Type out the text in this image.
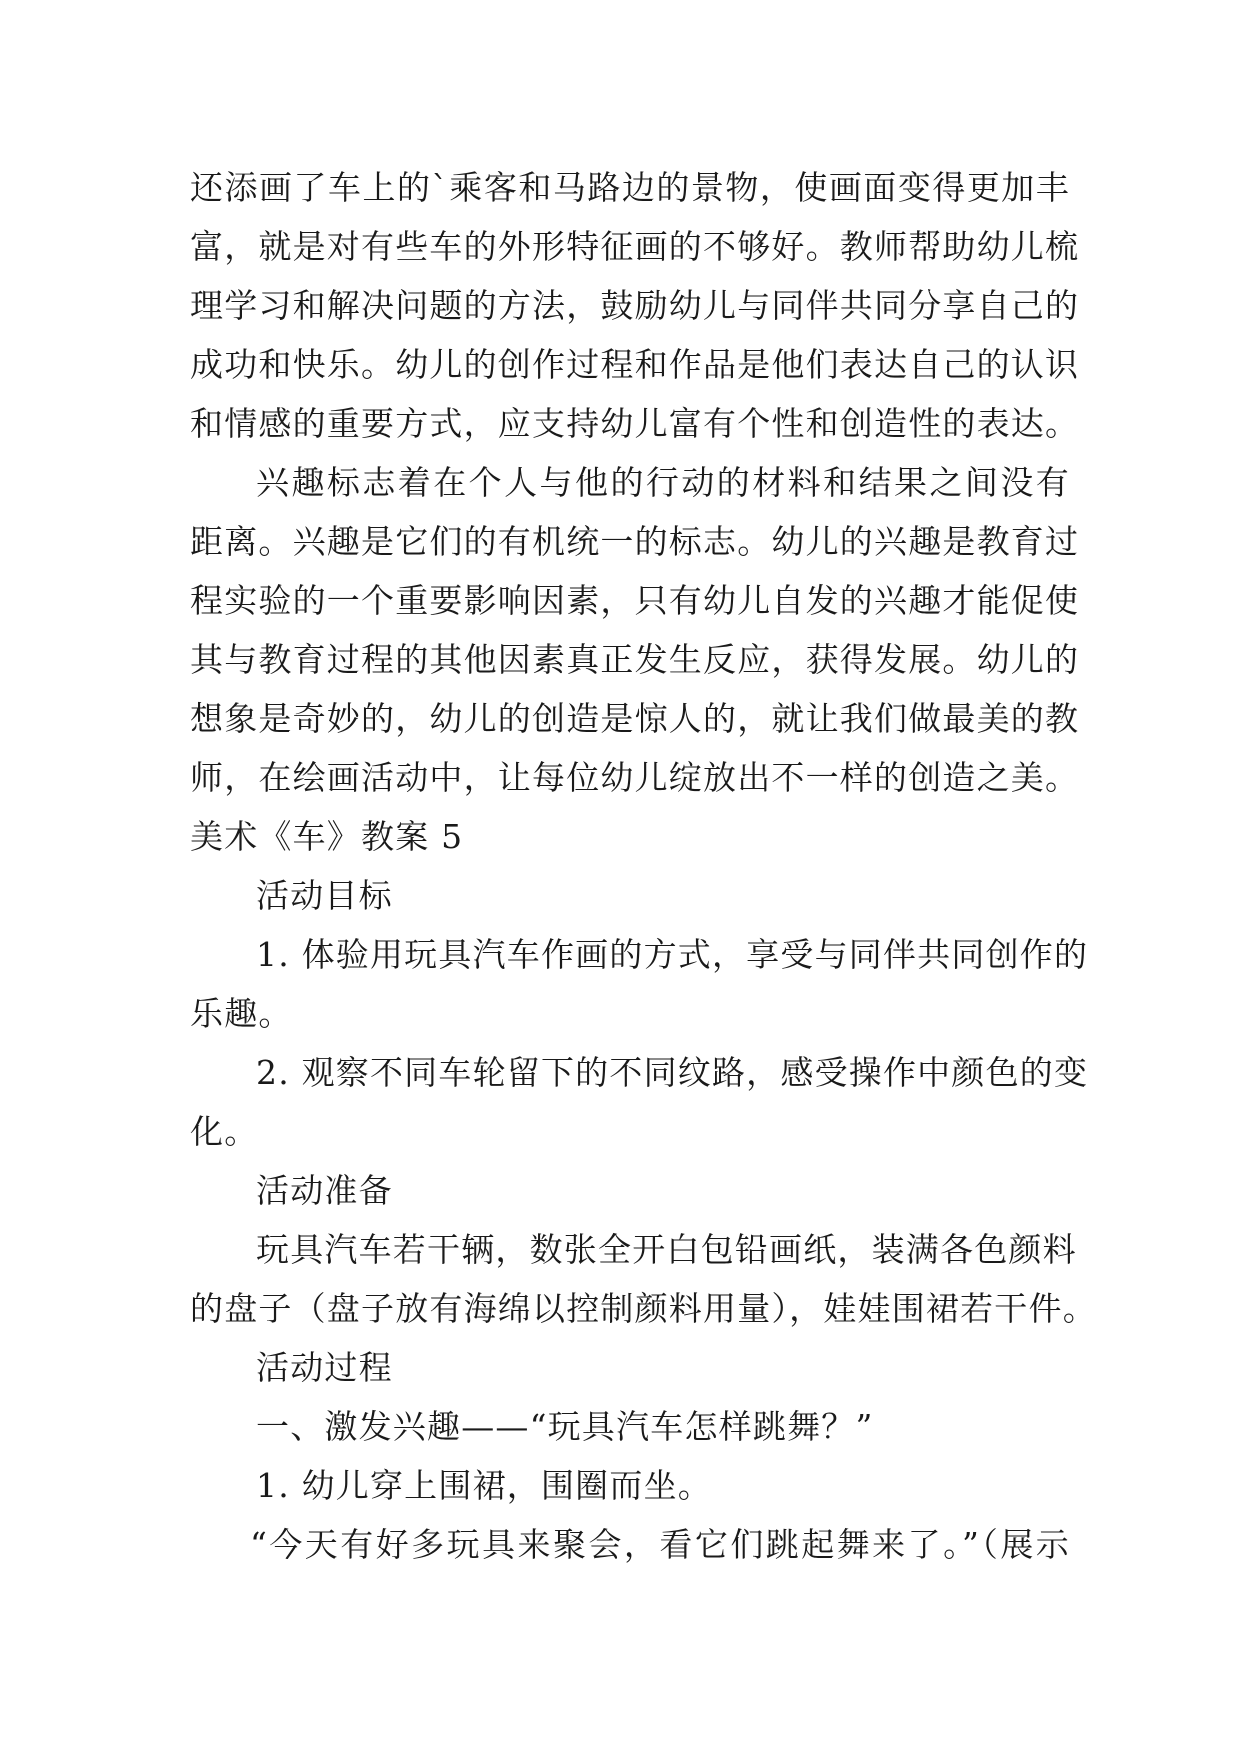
还添画了车上的`乘客和马路边的景物，使画面变得更加丰
富，就是对有些车的外形特征画的不够好。教师帮助幼儿梳
理学习和解决问题的方法，鼓励幼儿与同伴共同分享自己的
成功和快乐。幼儿的创作过程和作品是他们表达自己的认识
和情感的重要方式，应支持幼儿富有个性和创造性的表达。
兴趣标志着在个人与他的行动的材料和结果之间没有
距离。兴趣是它们的有机统一的标志。幼儿的兴趣是教育过
程实验的一个重要影响因素，只有幼儿自发的兴趣才能促使
其与教育过程的其他因素真正发生反应，获得发展。幼儿的
想象是奇妙的，幼儿的创造是惊人的，就让我们做最美的教
师，在绘画活动中，让每位幼儿绽放出不一样的创造之美。
美术《车》教案 5
活动目标
1. 体验用玩具汽车作画的方式，享受与同伴共同创作的
乐趣。
2. 观察不同车轮留下的不同纹路，感受操作中颜色的变
化。
活动准备
玩具汽车若干辆，数张全开白包铅画纸，装满各色颜料
的盘子（盘子放有海绵以控制颜料用量），娃娃围裙若干件。
活动过程
一、激发兴趣——“玩具汽车怎样跳舞？”
1. 幼儿穿上围裙，围圈而坐。
“今天有好多玩具来聚会，看它们跳起舞来了。”（展示
